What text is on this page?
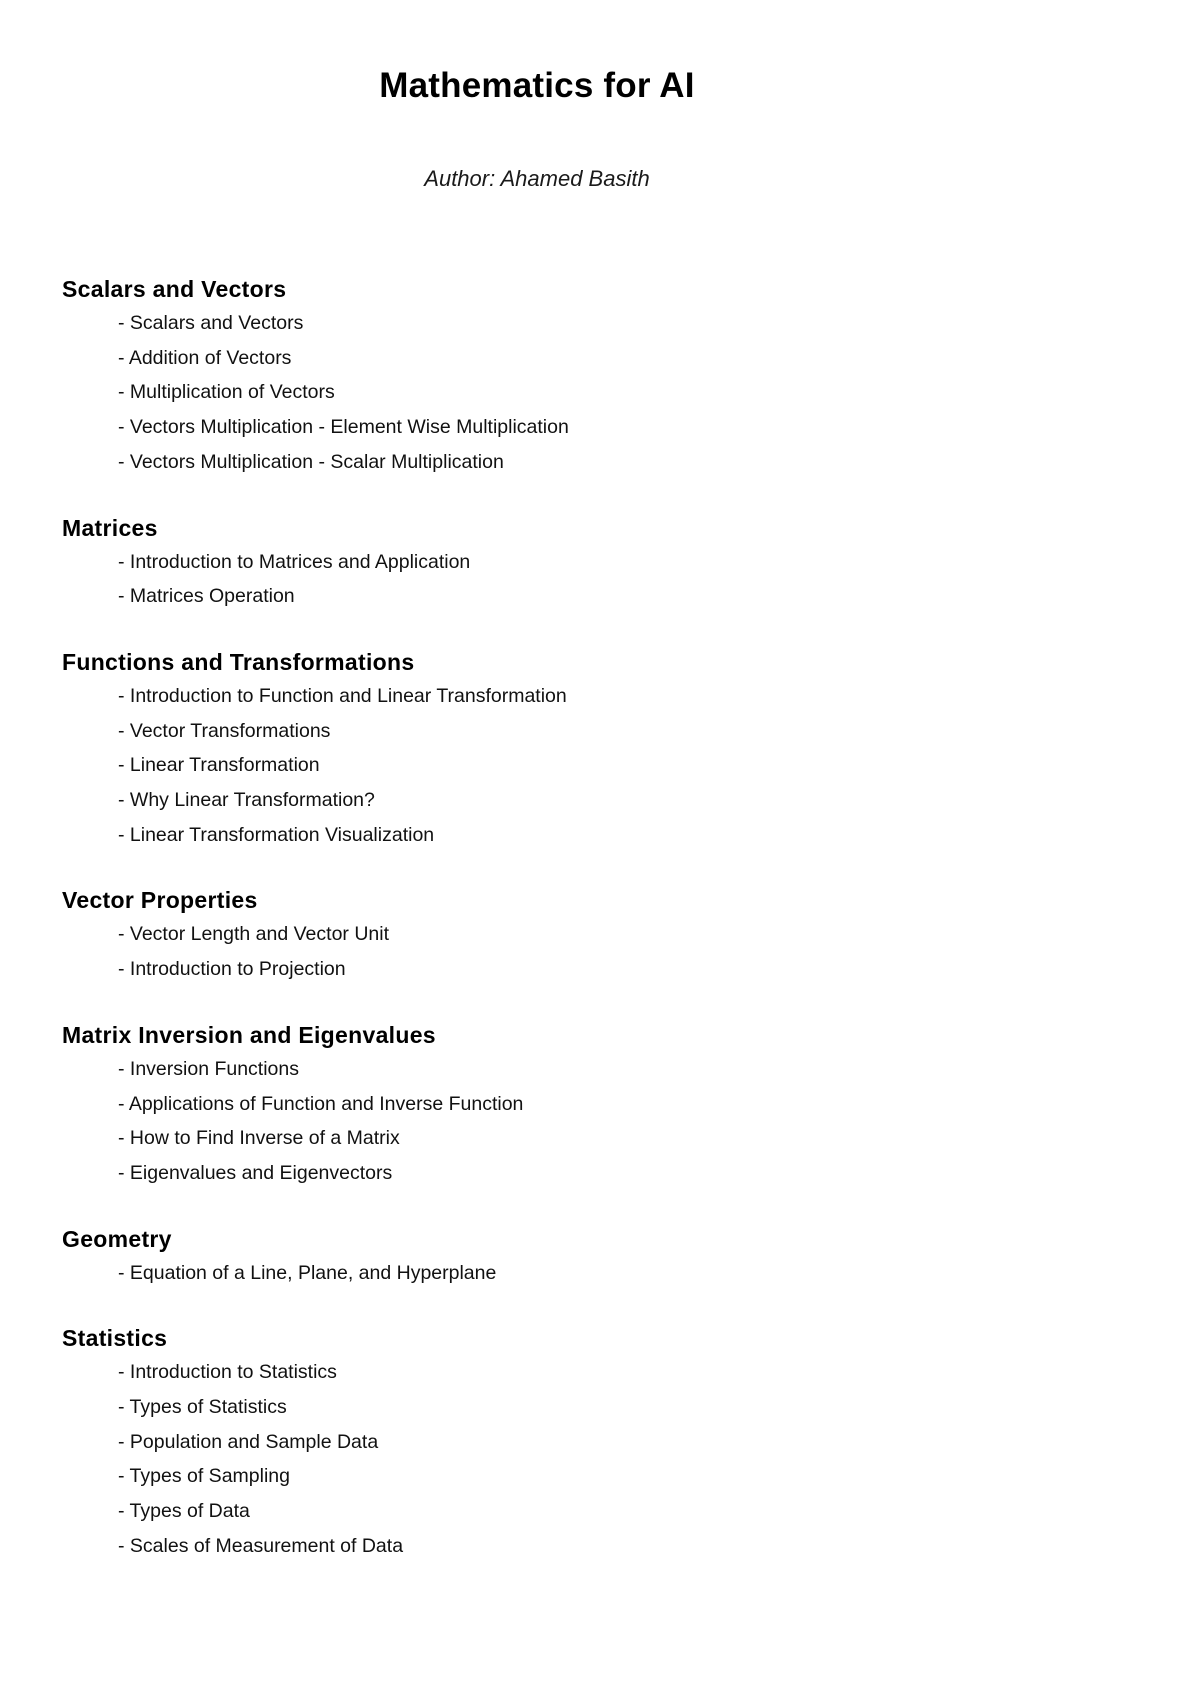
Mathematics for AI

Author: Ahamed Basith

Scalars and Vectors
- Scalars and Vectors
- Addition of Vectors
- Multiplication of Vectors
- Vectors Multiplication - Element Wise Multiplication
- Vectors Multiplication - Scalar Multiplication
Matrices
- Introduction to Matrices and Application
- Matrices Operation
Functions and Transformations
- Introduction to Function and Linear Transformation
- Vector Transformations
- Linear Transformation
- Why Linear Transformation?
- Linear Transformation Visualization
Vector Properties
- Vector Length and Vector Unit
- Introduction to Projection
Matrix Inversion and Eigenvalues
- Inversion Functions
- Applications of Function and Inverse Function
- How to Find Inverse of a Matrix
- Eigenvalues and Eigenvectors
Geometry
- Equation of a Line, Plane, and Hyperplane
Statistics
- Introduction to Statistics
- Types of Statistics
- Population and Sample Data
- Types of Sampling
- Types of Data
- Scales of Measurement of Data
